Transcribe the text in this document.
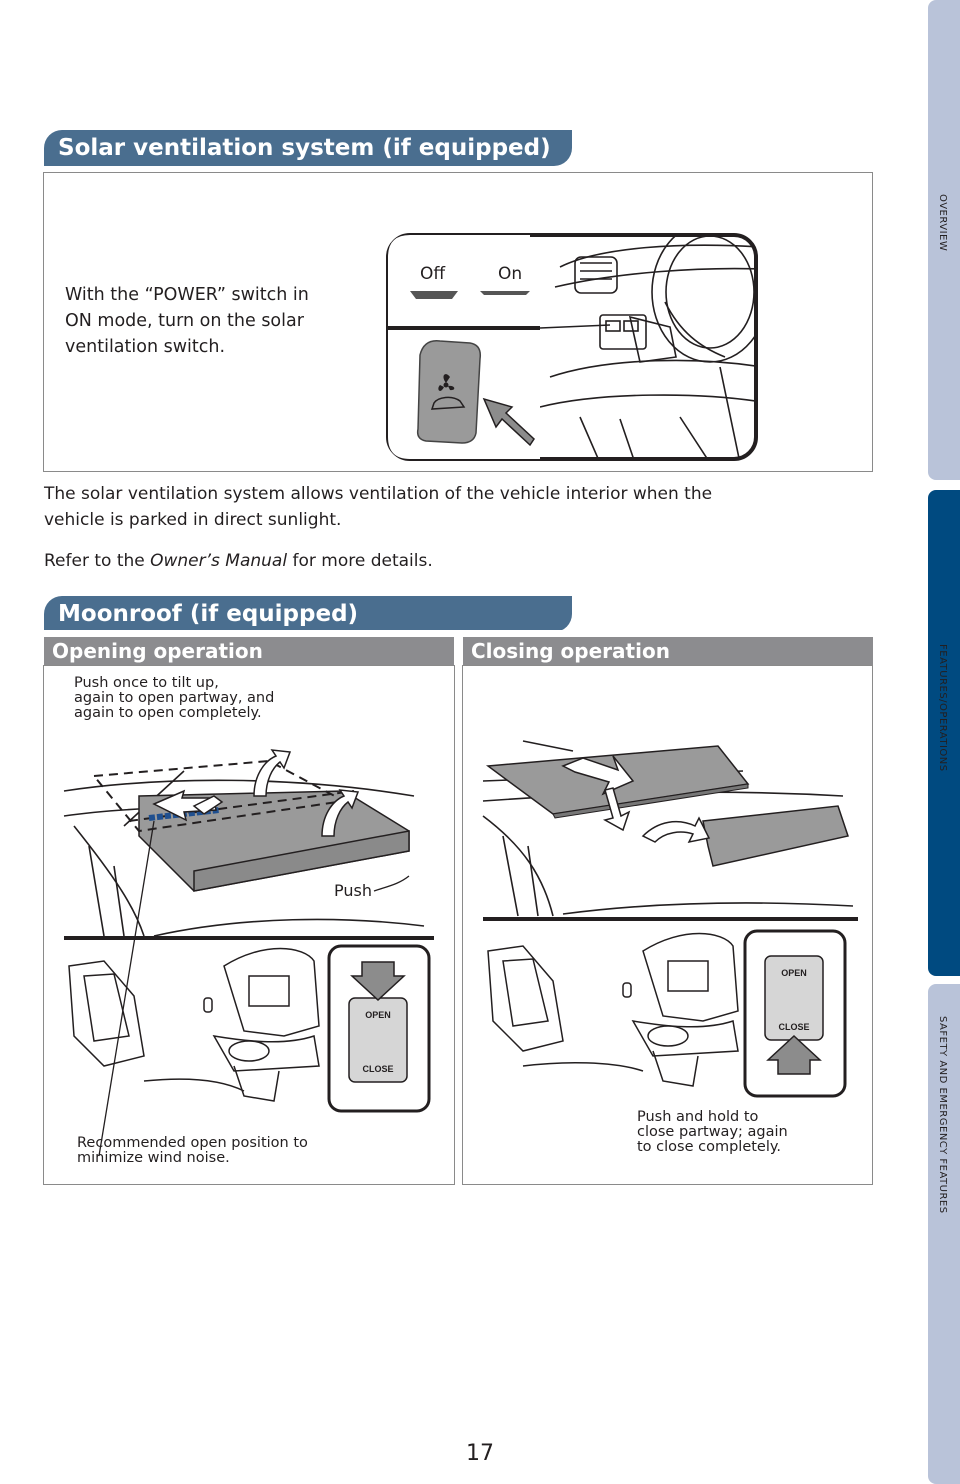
OVERVIEW
FEATURES/OPERATIONS
SAFETY AND EMERGENCY FEATURES
Solar ventilation system (if equipped)
With the “POWER” switch in
ON mode, turn on the solar
ventilation switch.
Off	On
The solar ventilation system allows ventilation of the vehicle interior when the
vehicle is parked in direct sunlight.
Refer to the Owner’s Manual for more details.
Moonroof (if equipped)
Opening operation
Push once to tilt up,
again to open partway, and
again to open completely.
Push
OPEN
CLOSE
Recommended open position to
minimize wind noise.
Closing operation
OPEN
CLOSE
Push and hold to
close partway; again
to close completely.
17
